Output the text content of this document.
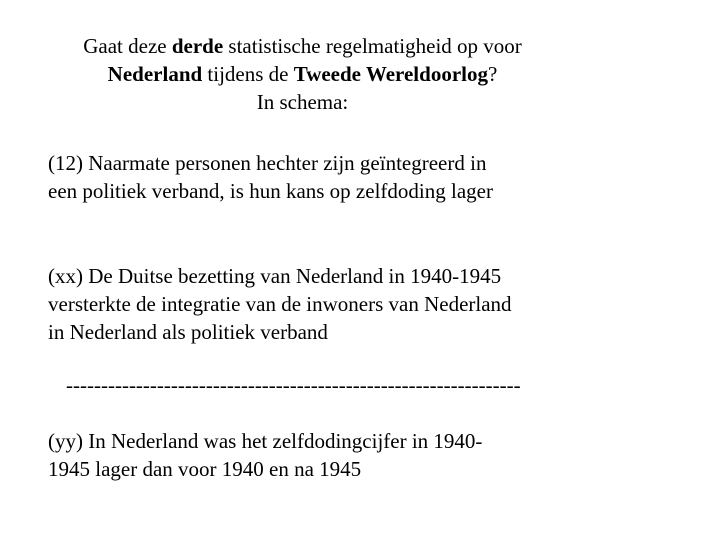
Gaat deze derde statistische regelmatigheid op voor
Nederland tijdens de Tweede Wereldoorlog?
In schema:
(12) Naarmate personen hechter zijn geïntegreerd in
een politiek verband, is hun kans op zelfdoding lager
(xx) De Duitse bezetting van Nederland in 1940-1945
versterkte de integratie van de inwoners van Nederland
in Nederland als politiek verband
-----------------------------------------------------------------
(yy) In Nederland was het zelfdodingcijfer in 1940-
1945 lager dan voor 1940 en na 1945
